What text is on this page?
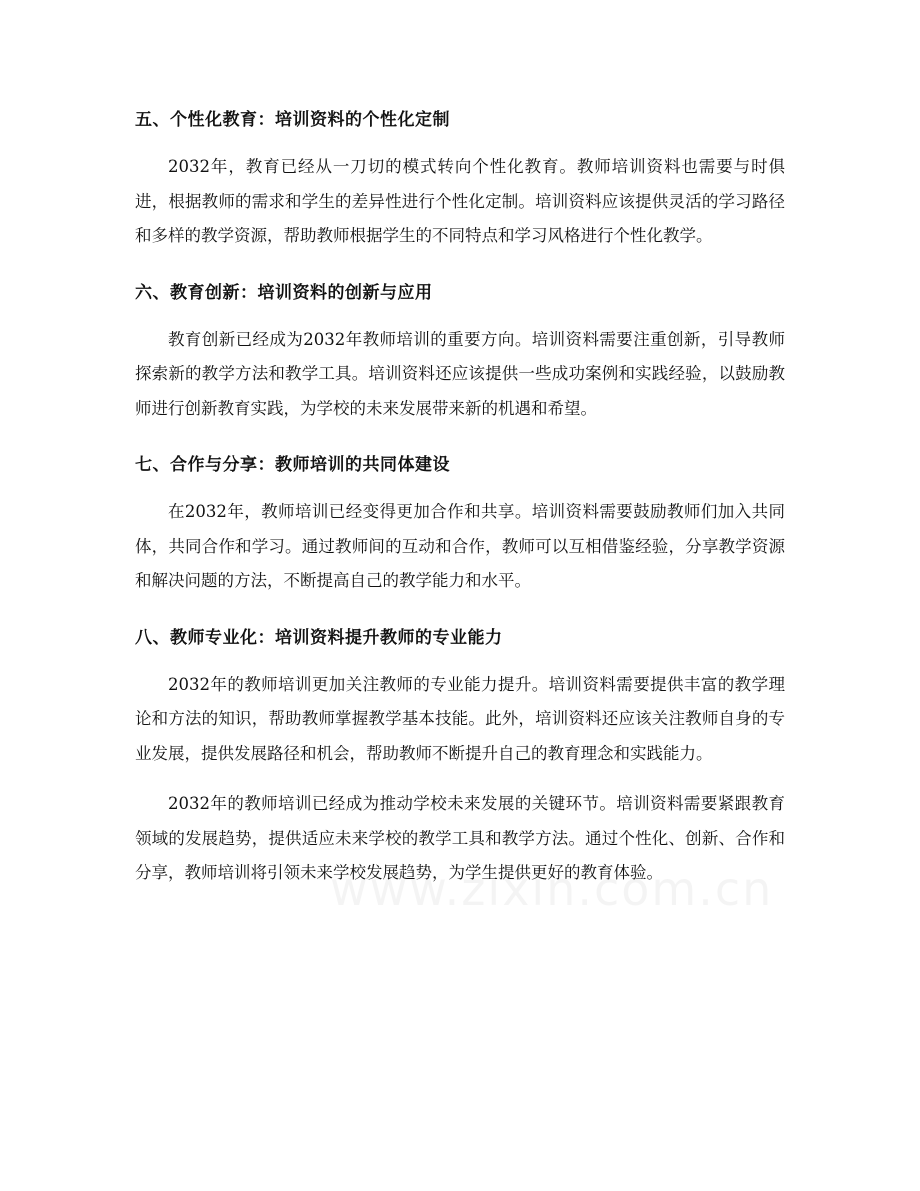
五、个性化教育：培训资料的个性化定制

2032年，教育已经从一刀切的模式转向个性化教育。教师培训资料也需要与时俱进，根据教师的需求和学生的差异性进行个性化定制。培训资料应该提供灵活的学习路径和多样的教学资源，帮助教师根据学生的不同特点和学习风格进行个性化教学。

六、教育创新：培训资料的创新与应用

教育创新已经成为2032年教师培训的重要方向。培训资料需要注重创新，引导教师探索新的教学方法和教学工具。培训资料还应该提供一些成功案例和实践经验，以鼓励教师进行创新教育实践，为学校的未来发展带来新的机遇和希望。

七、合作与分享：教师培训的共同体建设

在2032年，教师培训已经变得更加合作和共享。培训资料需要鼓励教师们加入共同体，共同合作和学习。通过教师间的互动和合作，教师可以互相借鉴经验，分享教学资源和解决问题的方法，不断提高自己的教学能力和水平。

八、教师专业化：培训资料提升教师的专业能力

2032年的教师培训更加关注教师的专业能力提升。培训资料需要提供丰富的教学理论和方法的知识，帮助教师掌握教学基本技能。此外，培训资料还应该关注教师自身的专业发展，提供发展路径和机会，帮助教师不断提升自己的教育理念和实践能力。

2032年的教师培训已经成为推动学校未来发展的关键环节。培训资料需要紧跟教育领域的发展趋势，提供适应未来学校的教学工具和教学方法。通过个性化、创新、合作和分享，教师培训将引领未来学校发展趋势，为学生提供更好的教育体验。
